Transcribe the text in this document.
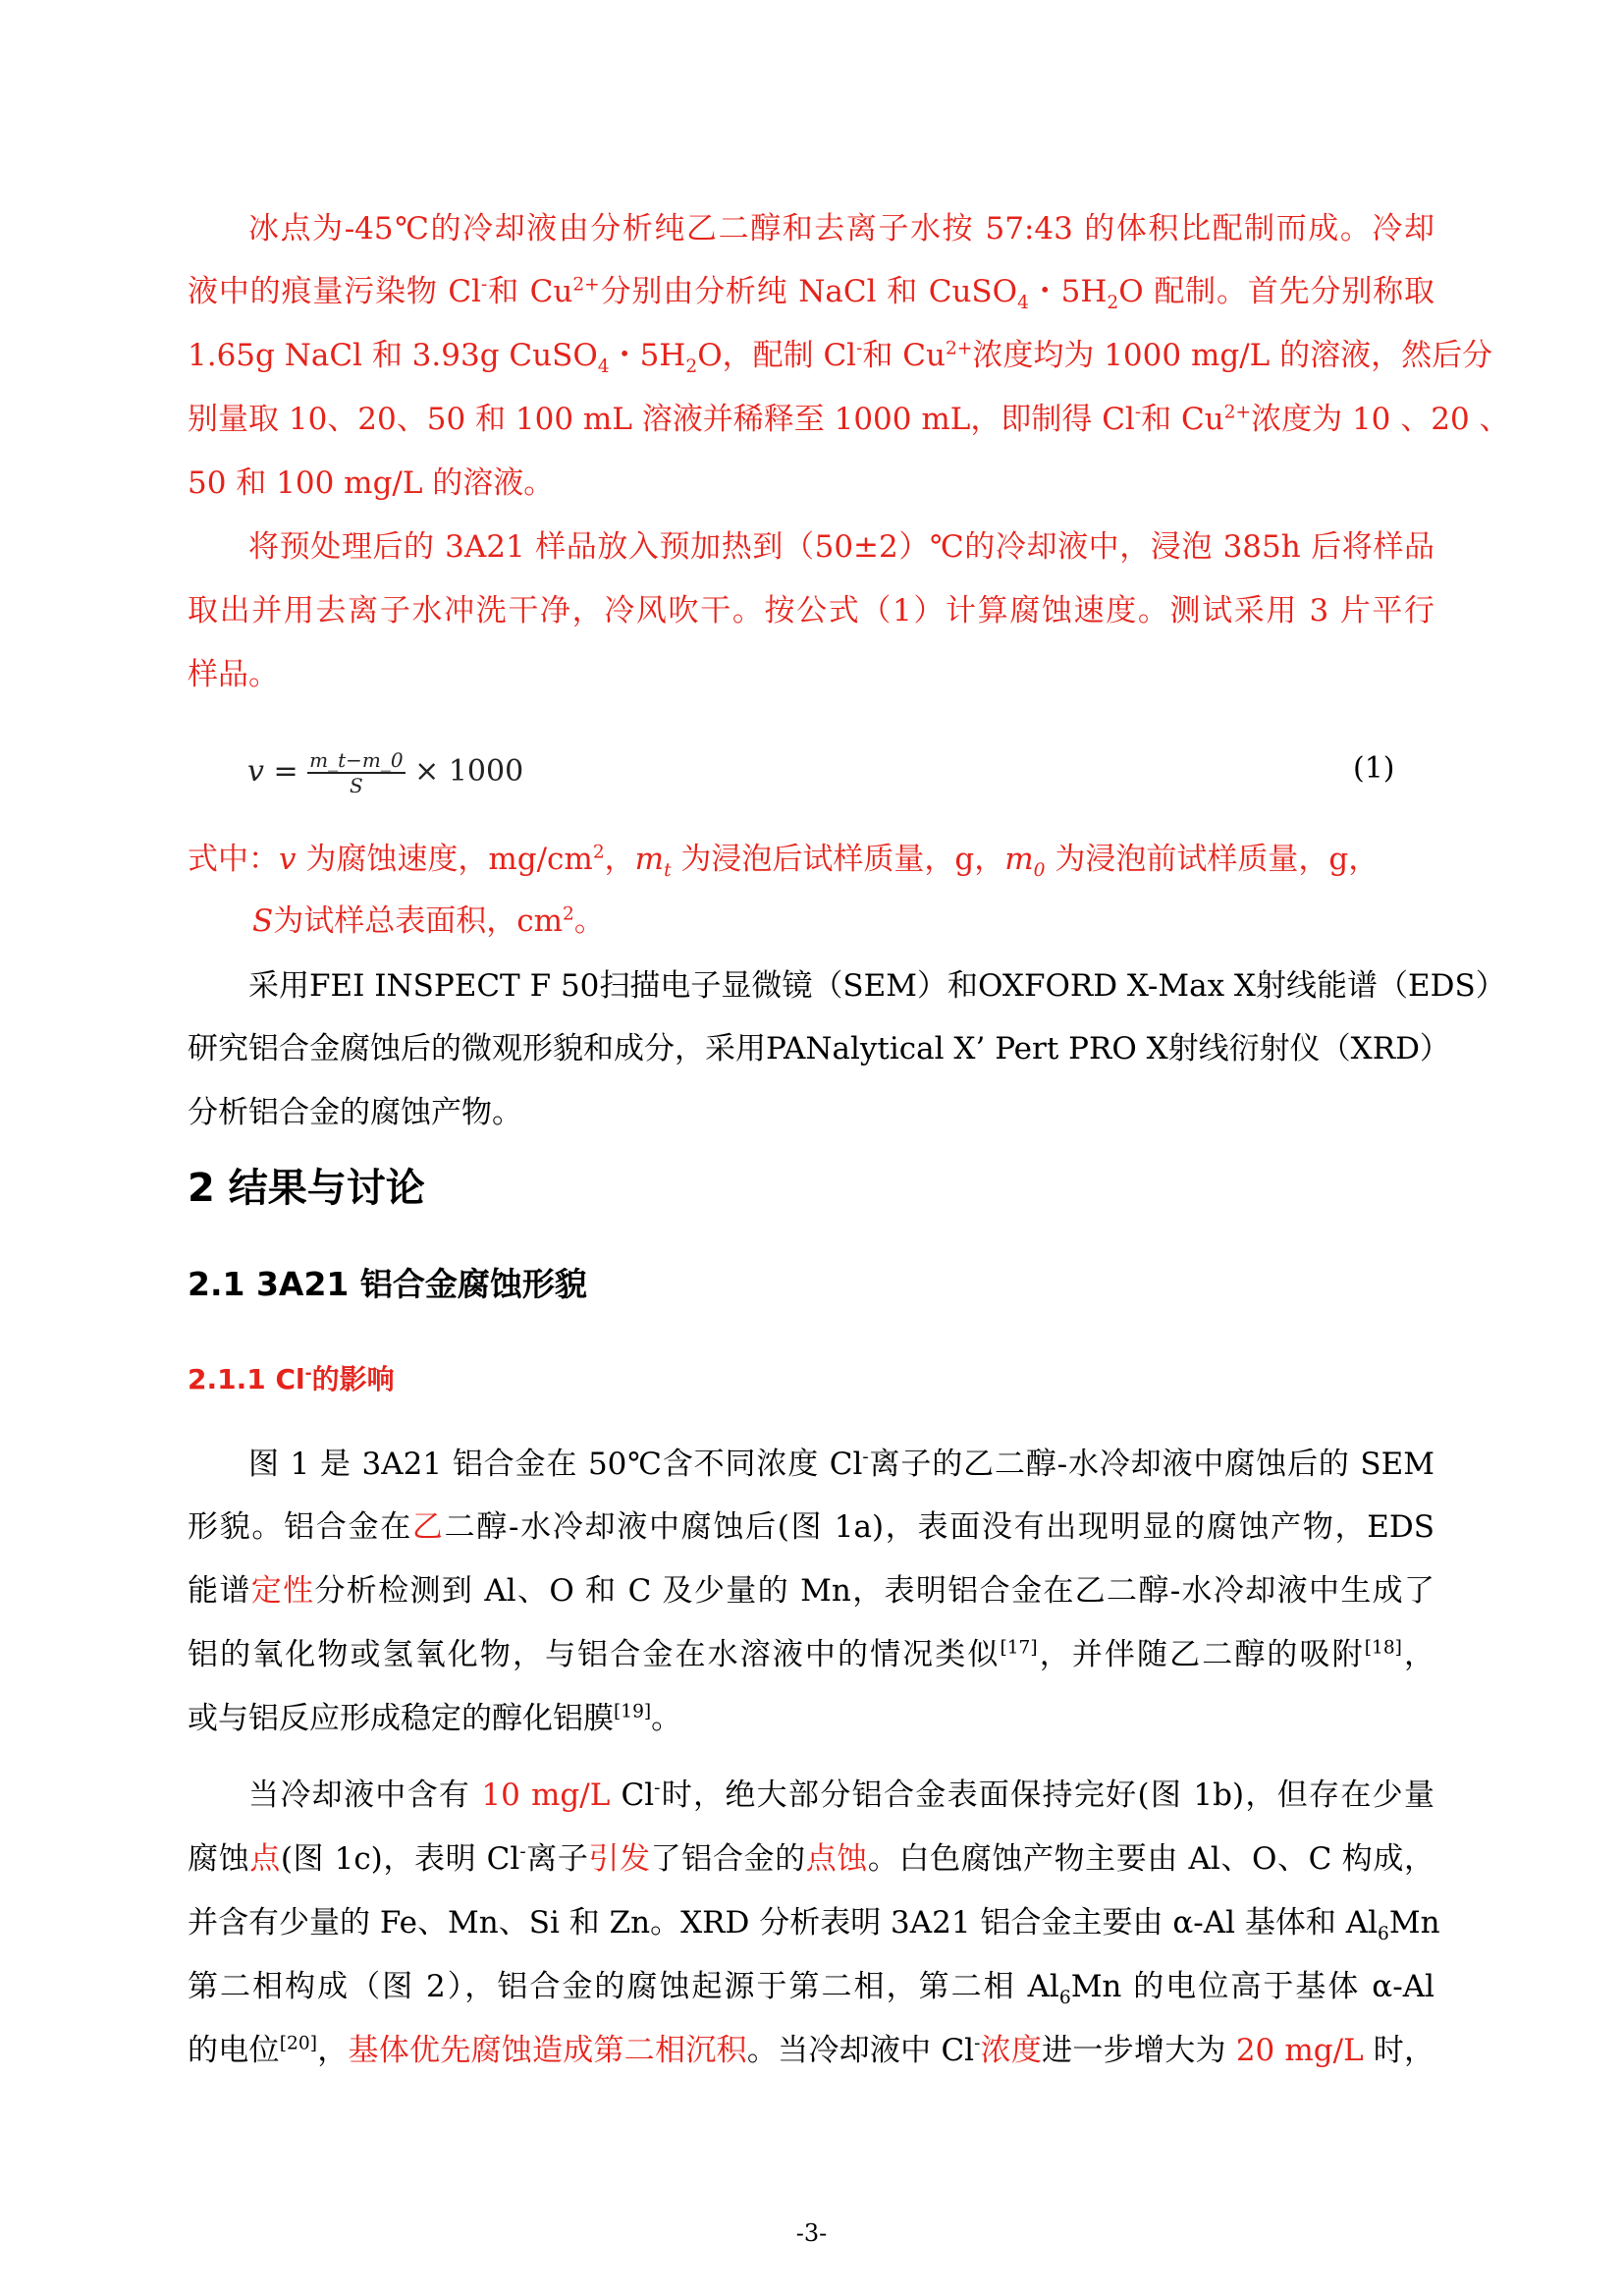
冰点为-45℃的冷却液由分析纯乙二醇和去离子水按 57:43 的体积比配制而成。冷却

液中的痕量污染物 Cl-和 $Cu^{2+}$分别由分析纯 NaCl 和 CuSO$_4$・$5H_2O$ 配制。首先分别称取

1.65g NaCl 和 3.93g CuSO$_4$・$5H_2O$，配制 Cl-和 $Cu^{2+}$浓度均为 1000 mg/L 的溶液，然后分

别量取 10、20、50 和 100 mL 溶液并稀释至 1000 mL，即制得 Cl-和 $Cu^{2+}$浓度为 10 、20 、

50 和 100 mg/L 的溶液。

将预处理后的 3A21 样品放入预加热到（50±2）℃的冷却液中，浸泡 385h 后将样品

取出并用去离子水冲洗干净，冷风吹干。按公式（1）计算腐蚀速度。测试采用 3 片平行

样品。

$v = \frac{m\_t-m\_0}{S} \times 1000$	(1)

式中：v 为腐蚀速度，$mg/cm^2$，$m_t$ 为浸泡后试样质量，g，$m_0$ 为浸泡前试样质量，g，

S为试样总表面积，$cm^2$。

采用FEI INSPECT F 50扫描电子显微镜（SEM）和OXFORD X-Max X射线能谱（EDS）

研究铝合金腐蚀后的微观形貌和成分，采用PANalytical X’ Pert PRO X射线衍射仪（XRD）

分析铝合金的腐蚀产物。

2 结果与讨论
2.1 3A21 铝合金腐蚀形貌
2.1.1 Cl-的影响

图 1 是 3A21 铝合金在 50℃含不同浓度 Cl-离子的乙二醇-水冷却液中腐蚀后的 SEM

形貌。铝合金在乙二醇-水冷却液中腐蚀后(图 1a)，表面没有出现明显的腐蚀产物，EDS

能谱定性分析检测到 Al、O 和 C 及少量的 Mn，表明铝合金在乙二醇-水冷却液中生成了

铝的氧化物或氢氧化物，与铝合金在水溶液中的情况类似[17]，并伴随乙二醇的吸附[18]，

或与铝反应形成稳定的醇化铝膜[19]。

当冷却液中含有 10 mg/L Cl-时，绝大部分铝合金表面保持完好(图 1b)，但存在少量

腐蚀点(图 1c)，表明 Cl-离子引发了铝合金的点蚀。白色腐蚀产物主要由 Al、O、C 构成，

并含有少量的 Fe、Mn、Si 和 Zn。XRD 分析表明 3A21 铝合金主要由 α-Al 基体和 $Al_6Mn$

第二相构成（图 2），铝合金的腐蚀起源于第二相，第二相 $Al_6Mn$ 的电位高于基体 α-Al

的电位[20]，基体优先腐蚀造成第二相沉积。当冷却液中 Cl-浓度进一步增大为 20 mg/L 时，

-3-
